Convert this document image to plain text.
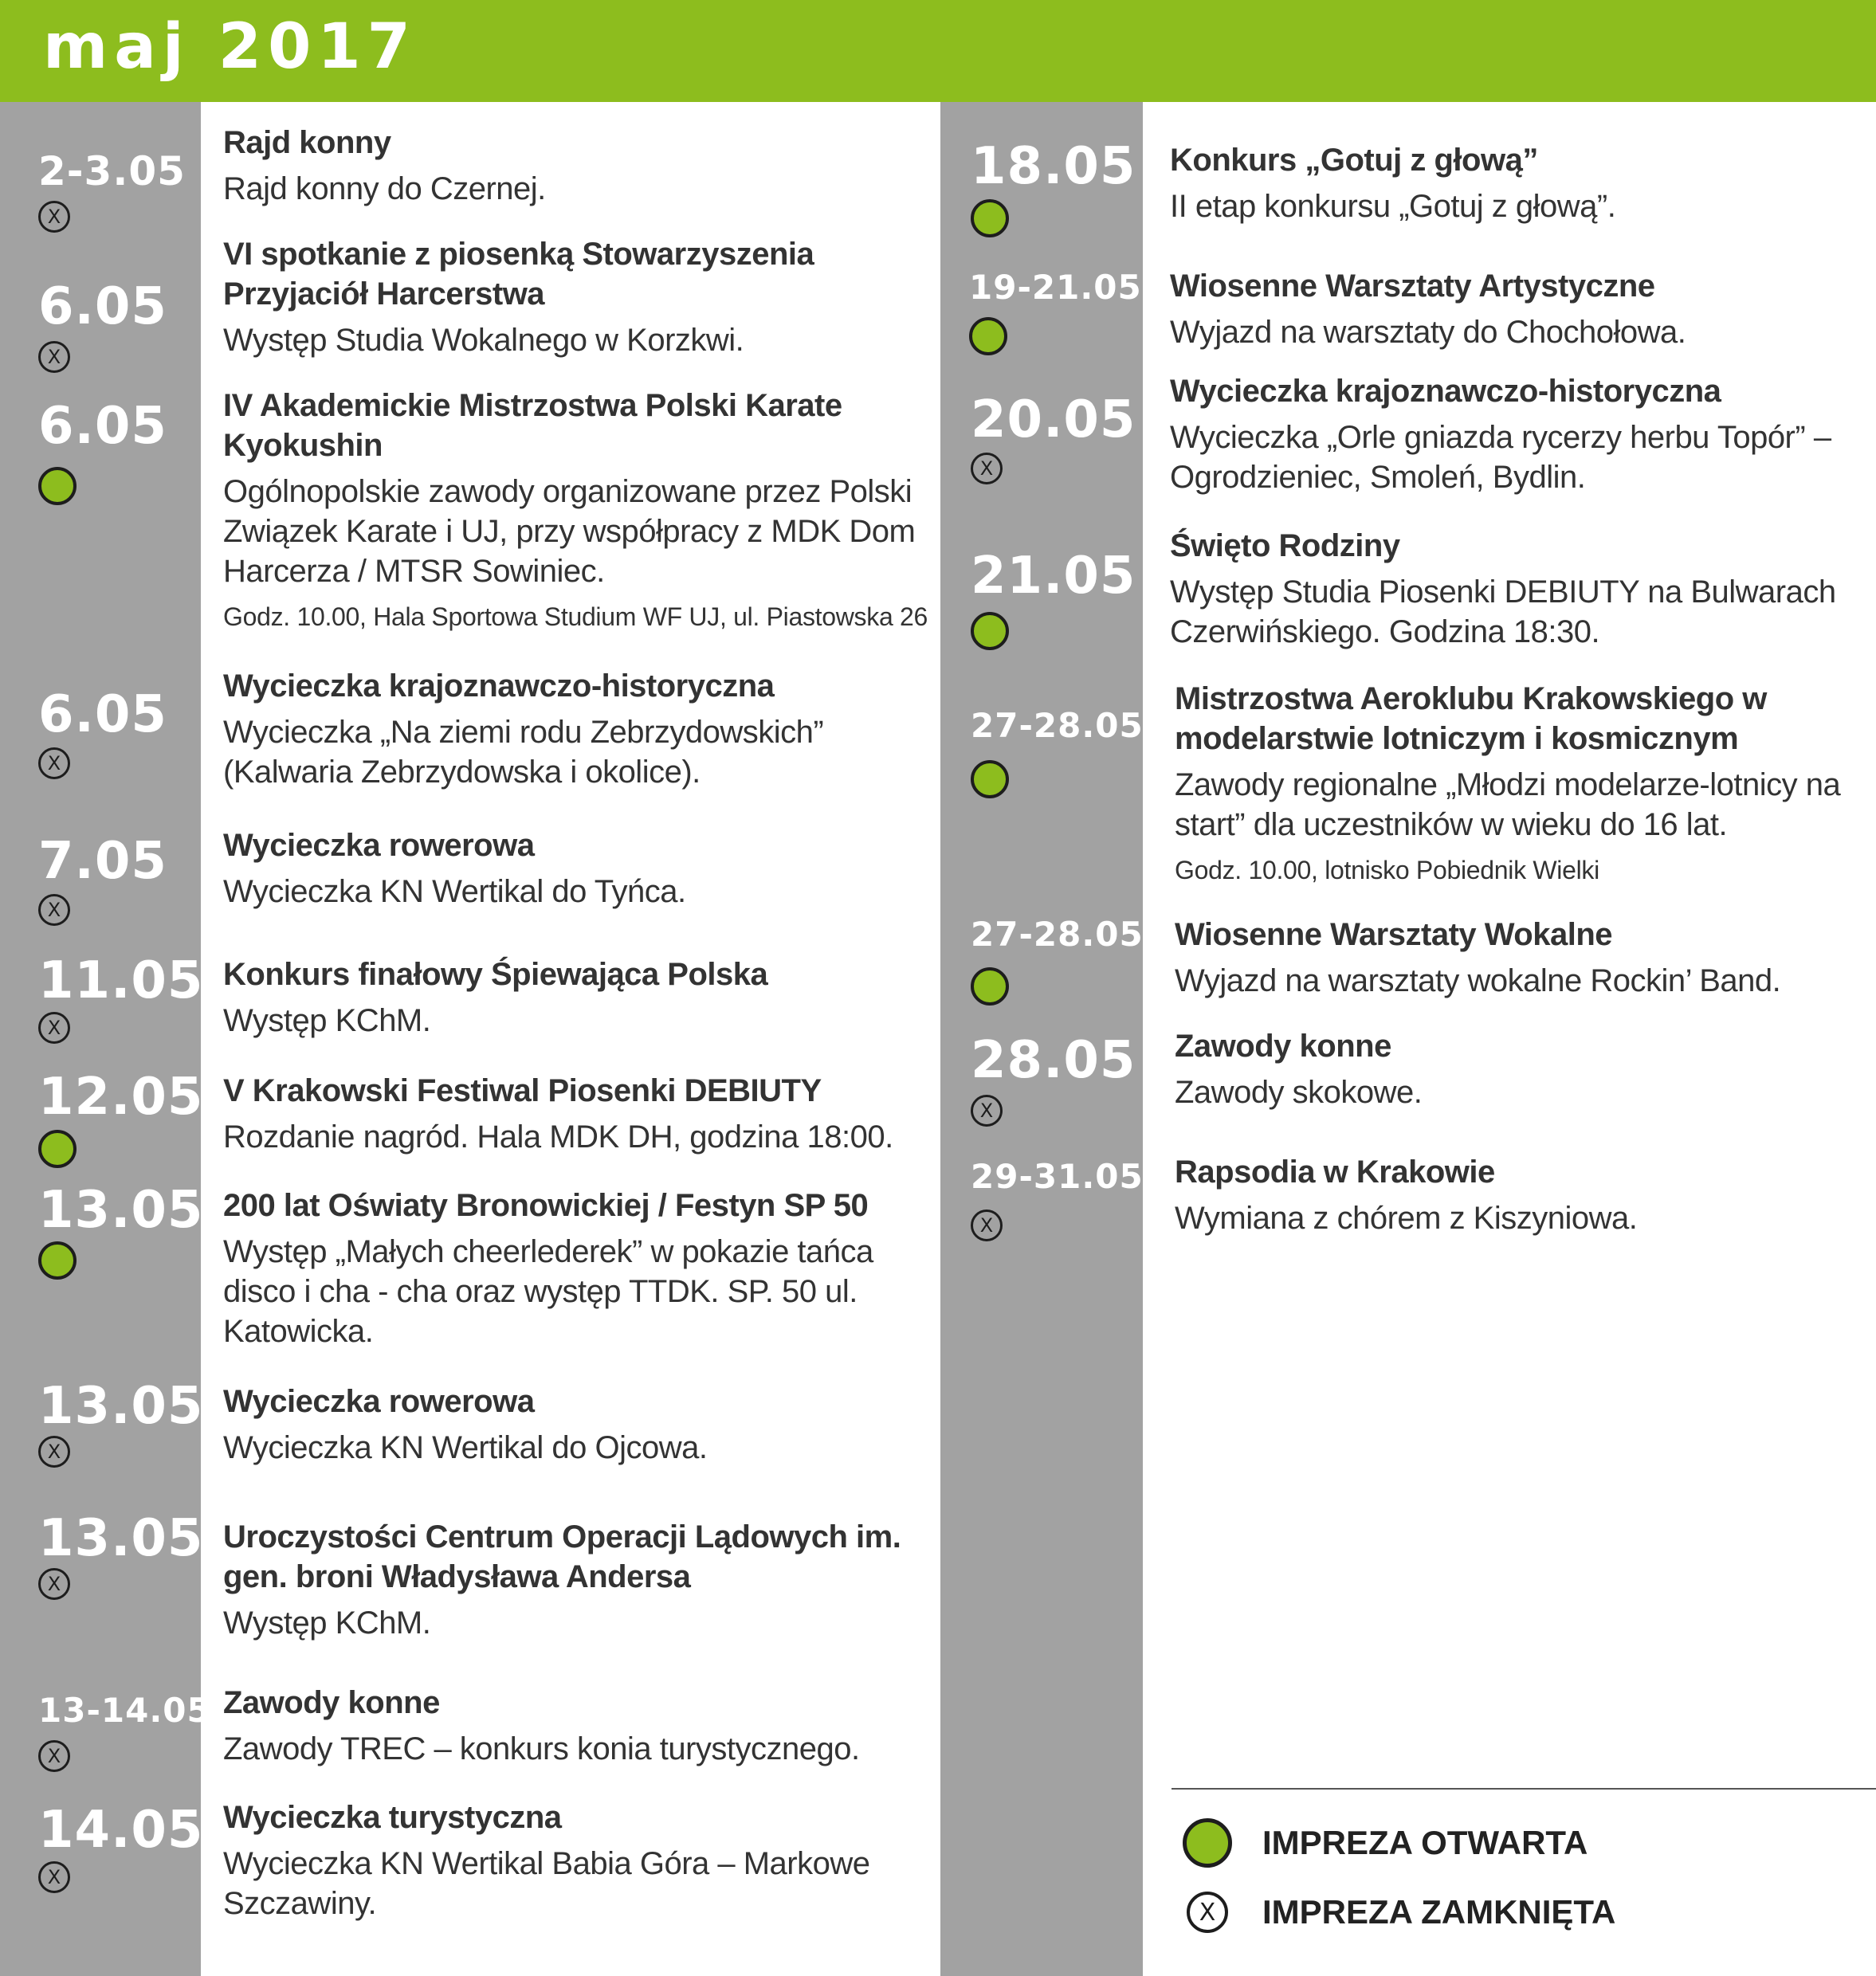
maj 2017
2-3.05
X
Rajd konny
Rajd konny do Czernej.
6.05
X
VI spotkanie z piosenką Stowarzyszenia Przyjaciół Harcerstwa
Występ Studia Wokalnego w Korzkwi.
6.05 IV Akademickie Mistrzostwa Polski Karate Kyokushin
Ogólnopolskie zawody organizowane przez Polski Związek Karate i UJ, przy współpracy z MDK Dom Harcerza / MTSR Sowiniec.
Godz. 10.00, Hala Sportowa Studium WF UJ, ul. Piastowska 26
6.05
X
Wycieczka krajoznawczo-historyczna
Wycieczka „Na ziemi rodu Zebrzydowskich” (Kalwaria Zebrzydowska i okolice).
7.05
X
Wycieczka rowerowa
Wycieczka KN Wertikal do Tyńca.
11.05
X
Konkurs finałowy Śpiewająca Polska
Występ KChM.
12.05 V Krakowski Festiwal Piosenki DEBIUTY
Rozdanie nagród. Hala MDK DH, godzina 18:00.
13.05 200 lat Oświaty Bronowickiej / Festyn SP 50
Występ „Małych cheerlederek” w pokazie tańca disco i cha - cha oraz występ TTDK. SP. 50 ul. Katowicka.
13.05
X
Wycieczka rowerowa
Wycieczka KN Wertikal do Ojcowa.
13.05
X
Uroczystości Centrum Operacji Lądowych im. gen. broni Władysława Andersa
Występ KChM.
13-14.05
X
Zawody konne
Zawody TREC – konkurs konia turystycznego.
14.05
X
Wycieczka turystyczna
Wycieczka KN Wertikal Babia Góra – Markowe Szczawiny.
18.05 Konkurs „Gotuj z głową”
II etap konkursu „Gotuj z głową”.
19-21.05 Wiosenne Warsztaty Artystyczne
Wyjazd na warsztaty do Chochołowa.
20.05
X
Wycieczka krajoznawczo-historyczna
Wycieczka „Orle gniazda rycerzy herbu Topór” – Ogrodzieniec, Smoleń, Bydlin.
21.05
Święto Rodziny
Występ Studia Piosenki DEBIUTY na Bulwarach Czerwińskiego. Godzina 18:30.
27-28.05
Mistrzostwa Aeroklubu Krakowskiego w modelarstwie lotniczym i kosmicznym
Zawody regionalne „Młodzi modelarze-lotnicy na start” dla uczestników w wieku do 16 lat.
Godz. 10.00, lotnisko Pobiednik Wielki
27-28.05 Wiosenne Warsztaty Wokalne
Wyjazd na warsztaty wokalne Rockin’ Band.
28.05
X
Zawody konne
Zawody skokowe.
29-31.05
X
Rapsodia w Krakowie
Wymiana z chórem z Kiszyniowa.
IMPREZA OTWARTA
X	IMPREZA ZAMKNIĘTA
